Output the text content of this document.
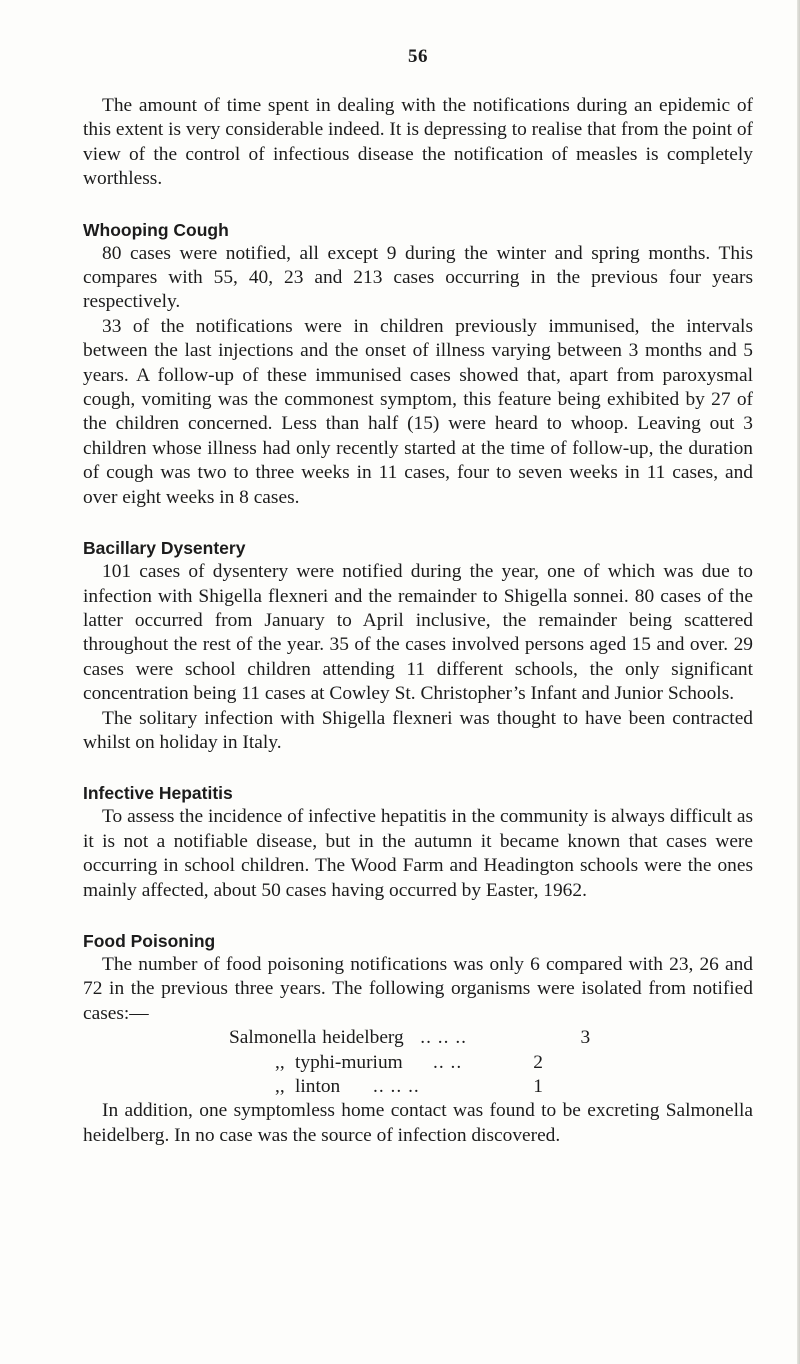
56

The amount of time spent in dealing with the notifications during an epidemic of this extent is very considerable indeed. It is depressing to realise that from the point of view of the control of infectious disease the notification of measles is completely worthless.

Whooping Cough

80 cases were notified, all except 9 during the winter and spring months. This compares with 55, 40, 23 and 213 cases occurring in the previous four years respectively.

33 of the notifications were in children previously immunised, the intervals between the last injections and the onset of illness varying between 3 months and 5 years. A follow-up of these immunised cases showed that, apart from paroxysmal cough, vomiting was the commonest symptom, this feature being exhibited by 27 of the children concerned. Less than half (15) were heard to whoop. Leaving out 3 children whose illness had only recently started at the time of follow-up, the duration of cough was two to three weeks in 11 cases, four to seven weeks in 11 cases, and over eight weeks in 8 cases.

Bacillary Dysentery

101 cases of dysentery were notified during the year, one of which was due to infection with Shigella flexneri and the remainder to Shigella sonnei. 80 cases of the latter occurred from January to April inclusive, the remainder being scattered throughout the rest of the year. 35 of the cases involved persons aged 15 and over. 29 cases were school children attending 11 different schools, the only significant concentration being 11 cases at Cowley St. Christopher’s Infant and Junior Schools.

The solitary infection with Shigella flexneri was thought to have been contracted whilst on holiday in Italy.

Infective Hepatitis

To assess the incidence of infective hepatitis in the community is always difficult as it is not a notifiable disease, but in the autumn it became known that cases were occurring in school children. The Wood Farm and Headington schools were the ones mainly affected, about 50 cases having occurred by Easter, 1962.

Food Poisoning

The number of food poisoning notifications was only 6 compared with 23, 26 and 72 in the previous three years. The following organisms were isolated from notified cases:—

Salmonella heidelberg .. .. ..	3
,, typhi-murium	.. ..	2
,, linton	.. .. ..	1

In addition, one symptomless home contact was found to be excreting Salmonella heidelberg. In no case was the source of infection discovered.
